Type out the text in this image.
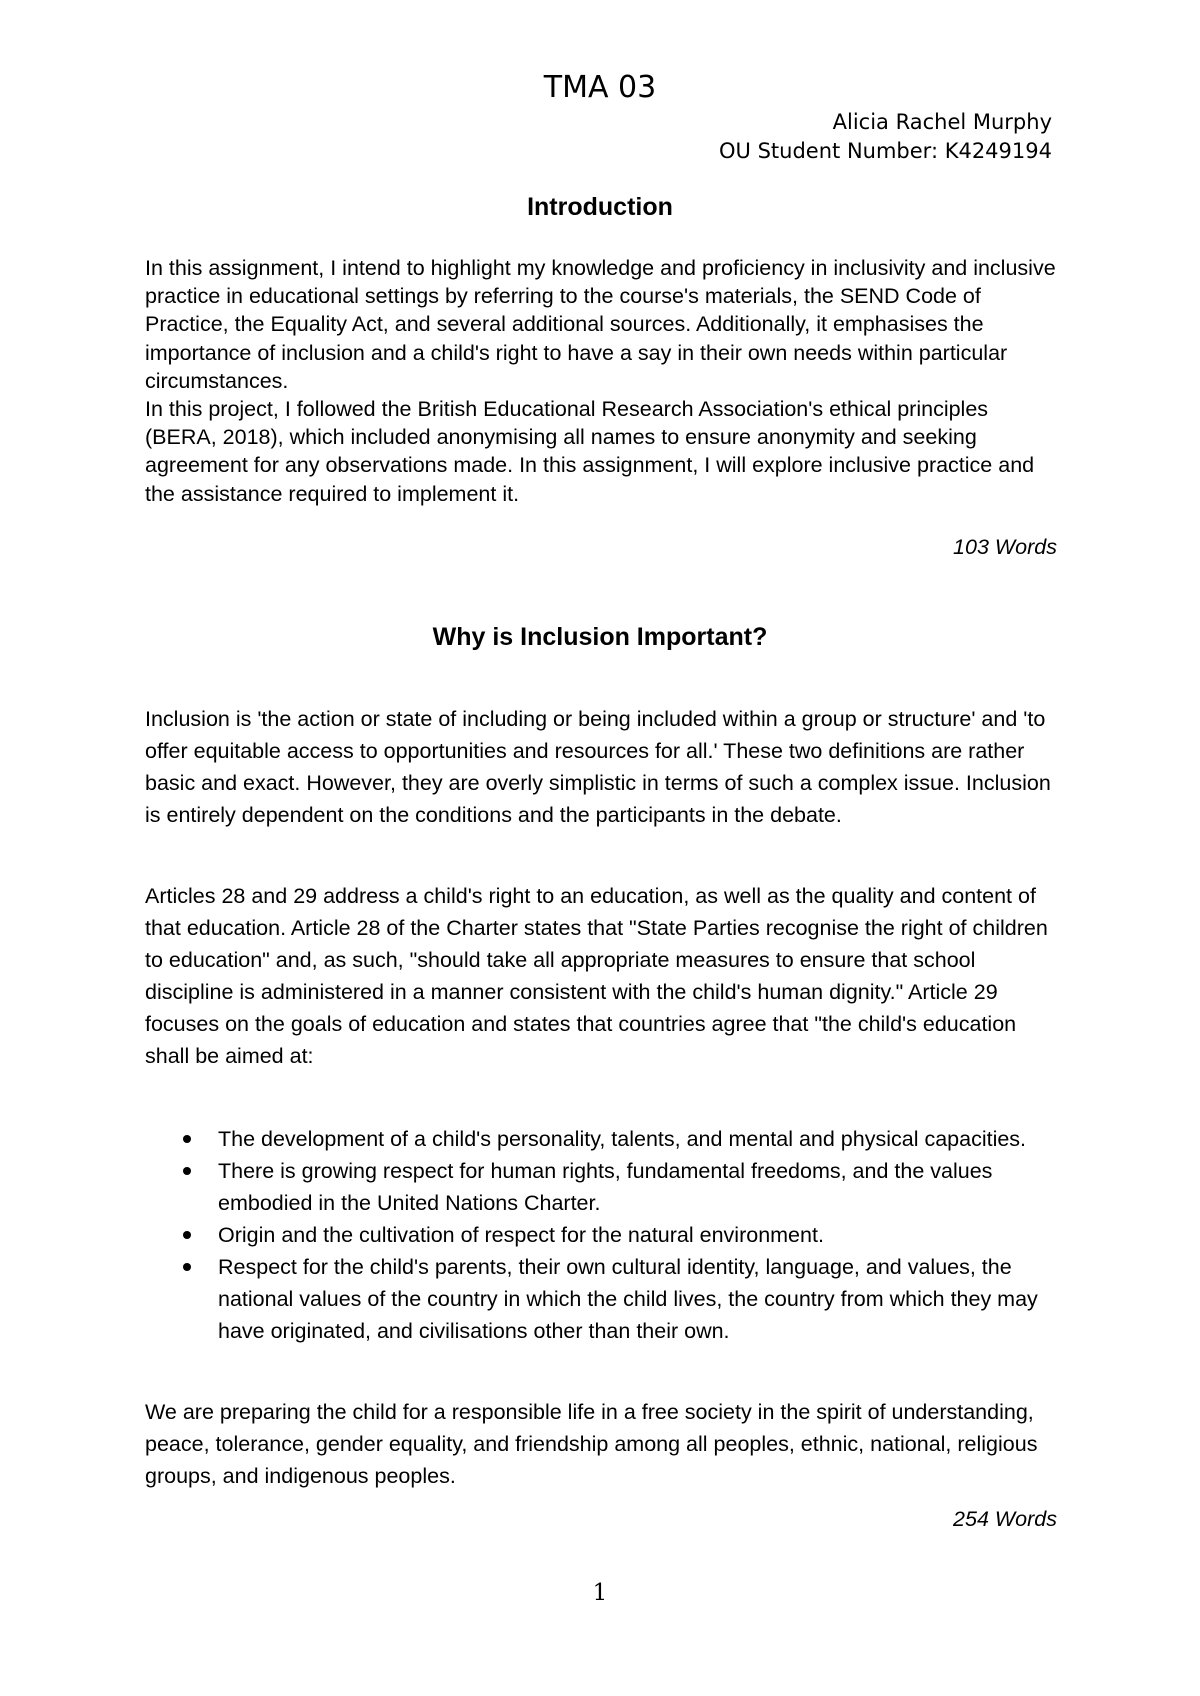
TMA 03

Alicia Rachel Murphy

OU Student Number: K4249194

Introduction

In this assignment, I intend to highlight my knowledge and proficiency in inclusivity and inclusive practice in educational settings by referring to the course's materials, the SEND Code of Practice, the Equality Act, and several additional sources. Additionally, it emphasises the importance of inclusion and a child's right to have a say in their own needs within particular circumstances.

In this project, I followed the British Educational Research Association's ethical principles (BERA, 2018), which included anonymising all names to ensure anonymity and seeking agreement for any observations made. In this assignment, I will explore inclusive practice and the assistance required to implement it.

103 Words

Why is Inclusion Important?

Inclusion is 'the action or state of including or being included within a group or structure' and 'to offer equitable access to opportunities and resources for all.' These two definitions are rather basic and exact. However, they are overly simplistic in terms of such a complex issue. Inclusion is entirely dependent on the conditions and the participants in the debate.

Articles 28 and 29 address a child's right to an education, as well as the quality and content of that education. Article 28 of the Charter states that "State Parties recognise the right of children to education" and, as such, "should take all appropriate measures to ensure that school discipline is administered in a manner consistent with the child's human dignity." Article 29 focuses on the goals of education and states that countries agree that "the child's education shall be aimed at:

The development of a child's personality, talents, and mental and physical capacities.
There is growing respect for human rights, fundamental freedoms, and the values embodied in the United Nations Charter.
Origin and the cultivation of respect for the natural environment.
Respect for the child's parents, their own cultural identity, language, and values, the national values of the country in which the child lives, the country from which they may have originated, and civilisations other than their own.

We are preparing the child for a responsible life in a free society in the spirit of understanding, peace, tolerance, gender equality, and friendship among all peoples, ethnic, national, religious groups, and indigenous peoples.

254 Words

1
